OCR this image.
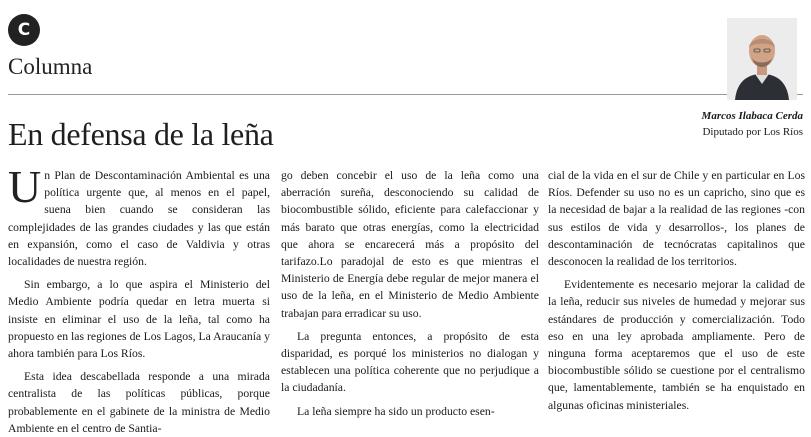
C
Columna
Marcos Ilabaca Cerda
Diputado por Los Ríos
En defensa de la leña

Un Plan de Descontaminación Ambiental es una política urgente que, al menos en el papel, suena bien cuando se consideran las complejidades de las grandes ciudades y las que están en expansión, como el caso de Valdivia y otras localidades de nuestra región.

Sin embargo, a lo que aspira el Ministerio del Medio Ambiente podría quedar en letra muerta si insiste en eliminar el uso de la leña, tal como ha propuesto en las regiones de Los Lagos, La Araucanía y ahora también para Los Ríos.

Esta idea descabellada responde a una mirada centralista de las políticas públicas, porque probablemente en el gabinete de la ministra de Medio Ambiente en el centro de Santia-

go deben concebir el uso de la leña como una aberración sureña, desconociendo su calidad de biocombustible sólido, eficiente para calefaccionar y más barato que otras energías, como la electricidad que ahora se encarecerá más a propósito del tarifazo.Lo paradojal de esto es que mientras el Ministerio de Energía debe regular de mejor manera el uso de la leña, en el Ministerio de Medio Ambiente trabajan para erradicar su uso.

La pregunta entonces, a propósito de esta disparidad, es porqué los ministerios no dialogan y establecen una política coherente que no perjudique a la ciudadanía.

La leña siempre ha sido un producto esen-

cial de la vida en el sur de Chile y en particular en Los Ríos. Defender su uso no es un capricho, sino que es la necesidad de bajar a la realidad de las regiones -con sus estilos de vida y desarrollos-, los planes de descontaminación de tecnócratas capitalinos que desconocen la realidad de los territorios.

Evidentemente es necesario mejorar la calidad de la leña, reducir sus niveles de humedad y mejorar sus estándares de producción y comercialización. Todo eso en una ley aprobada ampliamente. Pero de ninguna forma aceptaremos que el uso de este biocombustible sólido se cuestione por el centralismo que, lamentablemente, también se ha enquistado en algunas oficinas ministeriales.
